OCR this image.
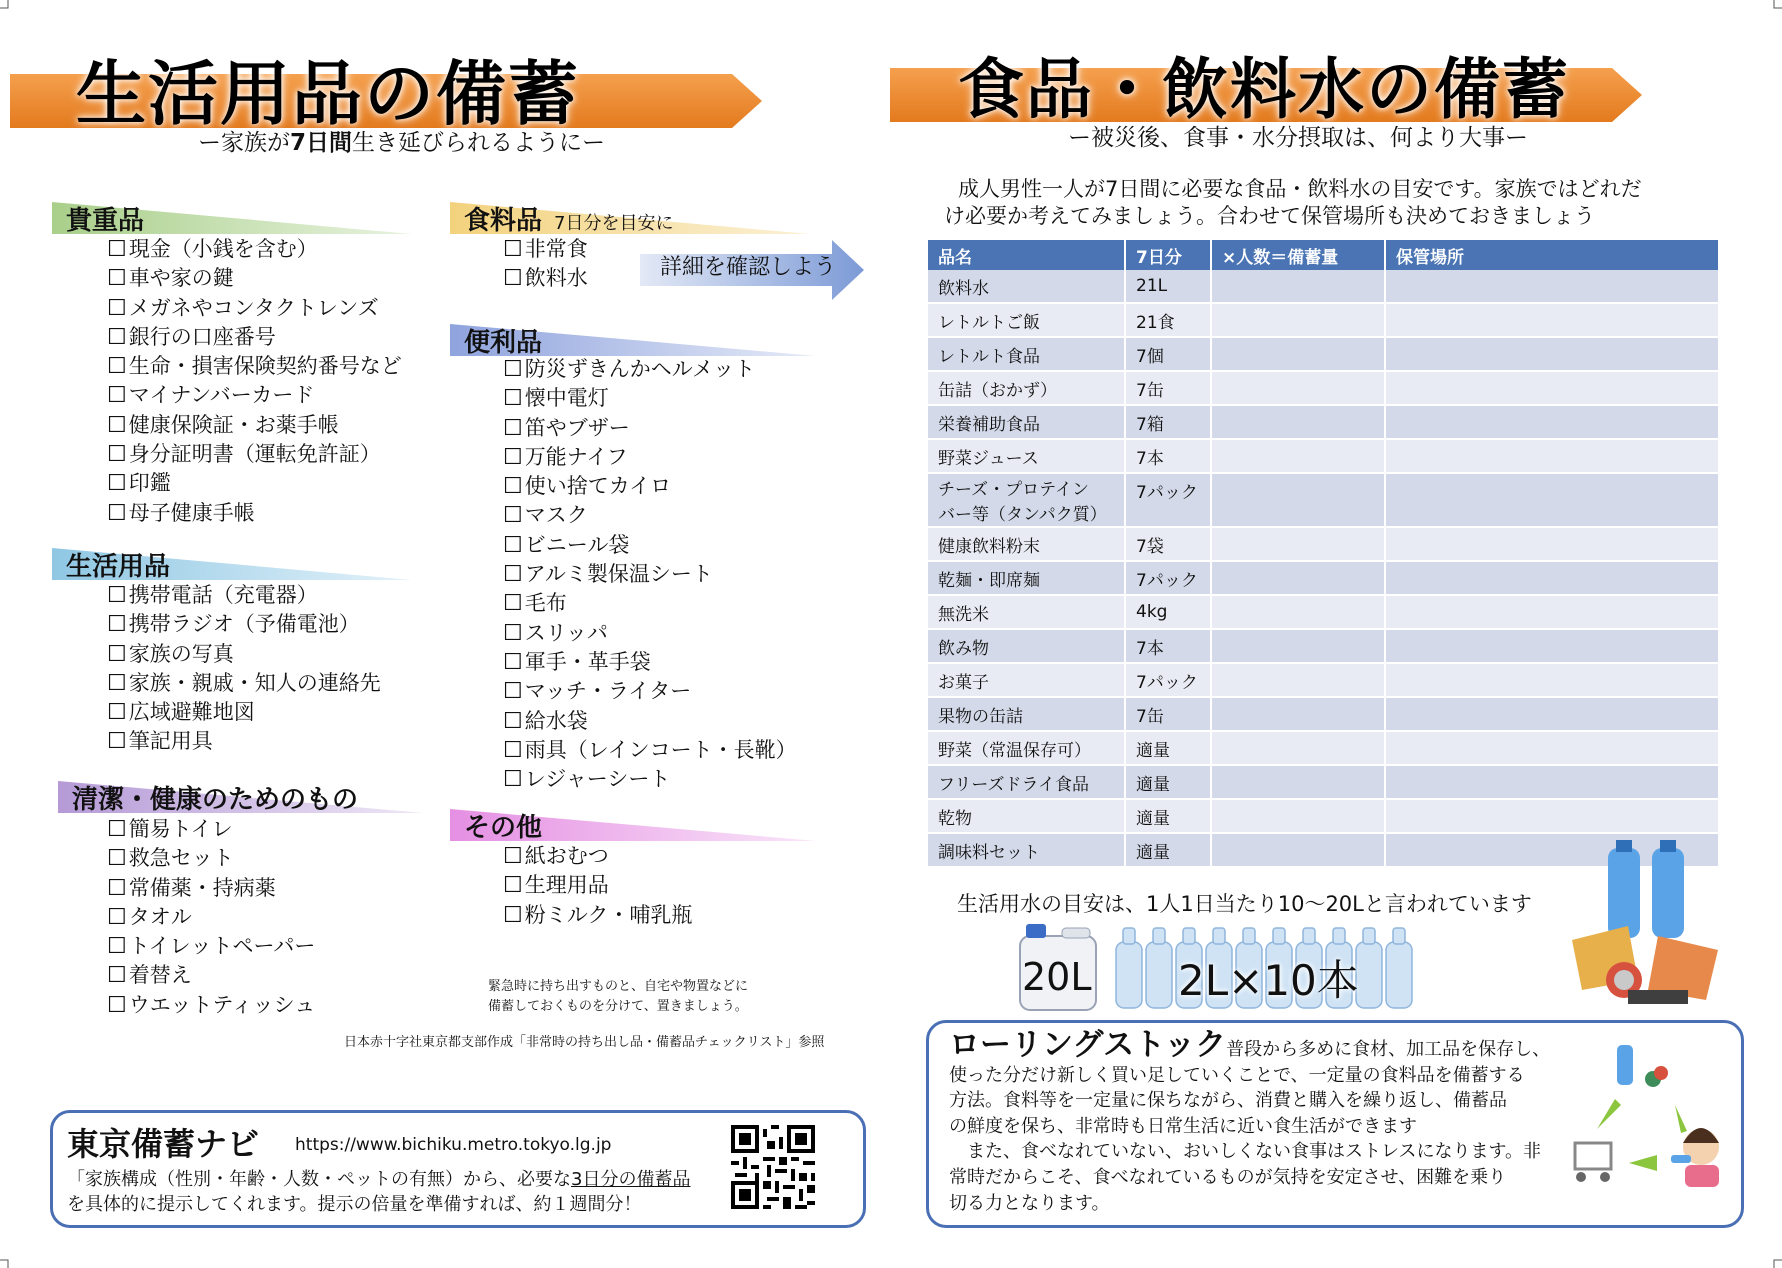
生活用品の備蓄
ー家族が7日間生き延びられるようにー
貴重品
☐ 現金（小銭を含む）
☐ 車や家の鍵
☐ メガネやコンタクトレンズ
☐ 銀行の口座番号
☐ 生命・損害保険契約番号など
☐ マイナンバーカード
☐ 健康保険証・お薬手帳
☐ 身分証明書（運転免許証）
☐ 印鑑
☐ 母子健康手帳
生活用品
☐ 携帯電話（充電器）
☐ 携帯ラジオ（予備電池）
☐ 家族の写真
☐ 家族・親戚・知人の連絡先
☐ 広域避難地図
☐ 筆記用具
清潔・健康のためのもの
☐ 簡易トイレ
☐ 救急セット
☐ 常備薬・持病薬
☐ タオル
☐ トイレットペーパー
☐ 着替え
☐ ウエットティッシュ
食料品 7日分を目安に
☐ 非常食
☐ 飲料水	詳細を確認しよう
便利品
☐ 防災ずきんかヘルメット
☐ 懐中電灯
☐ 笛やブザー
☐ 万能ナイフ
☐ 使い捨てカイロ
☐ マスク
☐ ビニール袋
☐ アルミ製保温シート
☐ 毛布
☐ スリッパ
☐ 軍手・革手袋
☐ マッチ・ライター
☐ 給水袋
☐ 雨具（レインコート・長靴）
☐ レジャーシート
その他
☐ 紙おむつ
☐ 生理用品
☐ 粉ミルク・哺乳瓶
緊急時に持ち出すものと、自宅や物置などに
備蓄しておくものを分けて、置きましょう。
日本赤十字社東京都支部作成「非常時の持ち出し品・備蓄品チェックリスト」参照
東京備蓄ナビ https://www.bichiku.metro.tokyo.lg.jp
「家族構成（性別・年齢・人数・ペットの有無）から、必要な3日分の備蓄品
を具体的に提示してくれます。提示の倍量を準備すれば、約１週間分！
食品・飲料水の備蓄
ー被災後、食事・水分摂取は、何より大事ー
成人男性一人が7日間に必要な食品・飲料水の目安です。家族ではどれだ
け必要か考えてみましょう。合わせて保管場所も決めておきましょう
品名	7日分	×人数＝備蓄量	保管場所
飲料水	21L		
レトルトご飯	21食		
レトルト食品	7個		
缶詰（おかず）	7缶		
栄養補助食品	7箱		
野菜ジュース	7本		
チーズ・プロテイン
バー等（タンパク質）	7パック		
健康飲料粉末	7袋		
乾麺・即席麺	7パック		
無洗米	4kg		
飲み物	7本		
お菓子	7パック		
果物の缶詰	7缶		
野菜（常温保存可）	適量		
フリーズドライ食品	適量		
乾物	適量		
調味料セット	適量		
生活用水の目安は、1人1日当たり10〜20Lと言われています
20L 2L×10本
ローリングストック普段から多めに食材、加工品を保存し、
使った分だけ新しく買い足していくことで、一定量の食料品を備蓄する
方法。食料等を一定量に保ちながら、消費と購入を繰り返し、備蓄品
の鮮度を保ち、非常時も日常生活に近い食生活ができます
　また、食べなれていない、おいしくない食事はストレスになります。非
常時だからこそ、食べなれているものが気持を安定させ、困難を乗り
切る力となります。
